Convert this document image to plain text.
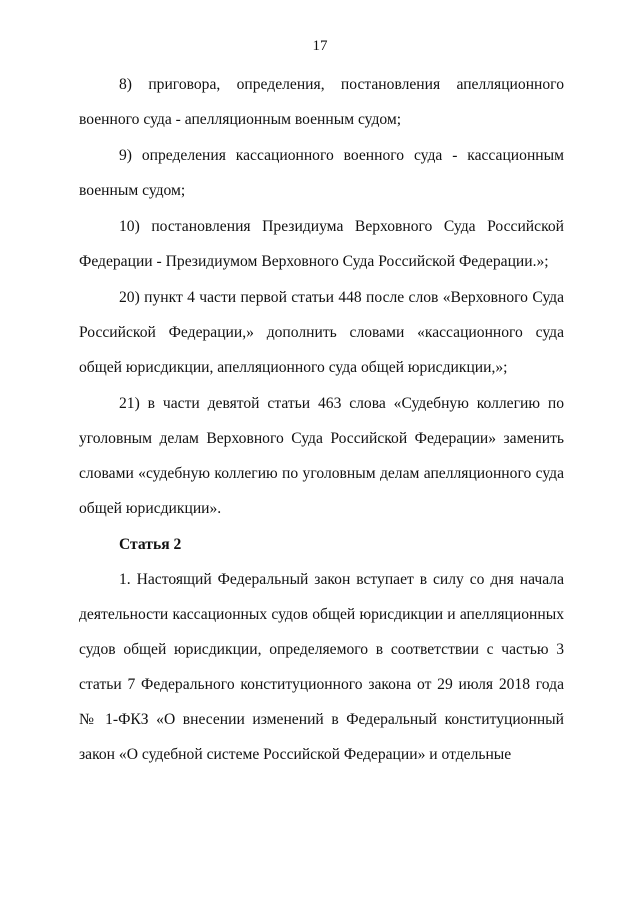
17

8) приговора, определения, постановления апелляционного военного суда - апелляционным военным судом;

9) определения кассационного военного суда - кассационным военным судом;

10) постановления Президиума Верховного Суда Российской Федерации - Президиумом Верховного Суда Российской Федерации.»;

20) пункт 4 части первой статьи 448 после слов «Верховного Суда Российской Федерации,» дополнить словами «кассационного суда общей юрисдикции, апелляционного суда общей юрисдикции,»;

21) в части девятой статьи 463 слова «Судебную коллегию по уголовным делам Верховного Суда Российской Федерации» заменить словами «судебную коллегию по уголовным делам апелляционного суда общей юрисдикции».

Статья 2

1. Настоящий Федеральный закон вступает в силу со дня начала деятельности кассационных судов общей юрисдикции и апелляционных судов общей юрисдикции, определяемого в соответствии с частью 3 статьи 7 Федерального конституционного закона от 29 июля 2018 года № 1-ФКЗ «О внесении изменений в Федеральный конституционный закон «О судебной системе Российской Федерации» и отдельные
